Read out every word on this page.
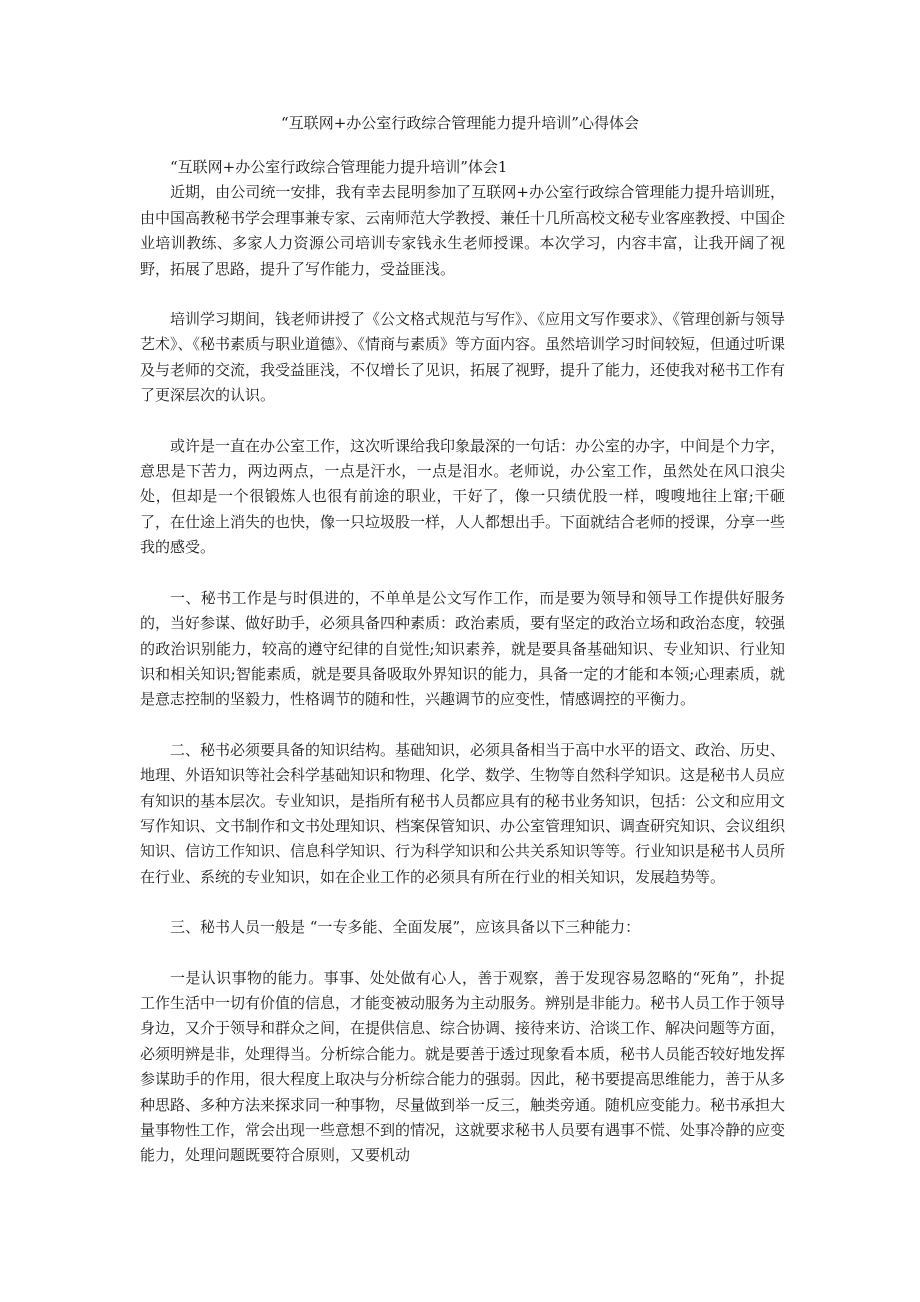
“互联网+办公室行政综合管理能力提升培训”心得体会

“互联网+办公室行政综合管理能力提升培训”体会1

近期，由公司统一安排，我有幸去昆明参加了互联网+办公室行政综合管理能力提升培训班，由中国高教秘书学会理事兼专家、云南师范大学教授、兼任十几所高校文秘专业客座教授、中国企业培训教练、多家人力资源公司培训专家钱永生老师授课。本次学习，内容丰富，让我开阔了视野，拓展了思路，提升了写作能力，受益匪浅。

培训学习期间，钱老师讲授了《公文格式规范与写作》、《应用文写作要求》、《管理创新与领导艺术》、《秘书素质与职业道德》、《情商与素质》等方面内容。虽然培训学习时间较短，但通过听课及与老师的交流，我受益匪浅，不仅增长了见识，拓展了视野，提升了能力，还使我对秘书工作有了更深层次的认识。

或许是一直在办公室工作，这次听课给我印象最深的一句话：办公室的办字，中间是个力字，意思是下苦力，两边两点，一点是汗水，一点是泪水。老师说，办公室工作，虽然处在风口浪尖处，但却是一个很锻炼人也很有前途的职业，干好了，像一只绩优股一样，嗖嗖地往上窜;干砸了，在仕途上消失的也快，像一只垃圾股一样，人人都想出手。下面就结合老师的授课，分享一些我的感受。

一、秘书工作是与时俱进的，不单单是公文写作工作，而是要为领导和领导工作提供好服务的，当好参谋、做好助手，必须具备四种素质：政治素质，要有坚定的政治立场和政治态度，较强的政治识别能力，较高的遵守纪律的自觉性;知识素养，就是要具备基础知识、专业知识、行业知识和相关知识;智能素质，就是要具备吸取外界知识的能力，具备一定的才能和本领;心理素质，就是意志控制的坚毅力，性格调节的随和性，兴趣调节的应变性，情感调控的平衡力。

二、秘书必须要具备的知识结构。基础知识，必须具备相当于高中水平的语文、政治、历史、地理、外语知识等社会科学基础知识和物理、化学、数学、生物等自然科学知识。这是秘书人员应有知识的基本层次。专业知识，是指所有秘书人员都应具有的秘书业务知识，包括：公文和应用文写作知识、文书制作和文书处理知识、档案保管知识、办公室管理知识、调查研究知识、会议组织知识、信访工作知识、信息科学知识、行为科学知识和公共关系知识等等。行业知识是秘书人员所在行业、系统的专业知识，如在企业工作的必须具有所在行业的相关知识，发展趋势等。

三、秘书人员一般是 “一专多能、全面发展”，应该具备以下三种能力：

一是认识事物的能力。事事、处处做有心人，善于观察，善于发现容易忽略的“死角”，扑捉工作生活中一切有价值的信息，才能变被动服务为主动服务。辨别是非能力。秘书人员工作于领导身边，又介于领导和群众之间，在提供信息、综合协调、接待来访、洽谈工作、解决问题等方面，必须明辨是非，处理得当。分析综合能力。就是要善于透过现象看本质，秘书人员能否较好地发挥参谋助手的作用，很大程度上取决与分析综合能力的强弱。因此，秘书要提高思维能力，善于从多种思路、多种方法来探求同一种事物，尽量做到举一反三，触类旁通。随机应变能力。秘书承担大量事物性工作，常会出现一些意想不到的情况，这就要求秘书人员要有遇事不慌、处事冷静的应变能力，处理问题既要符合原则，又要机动
